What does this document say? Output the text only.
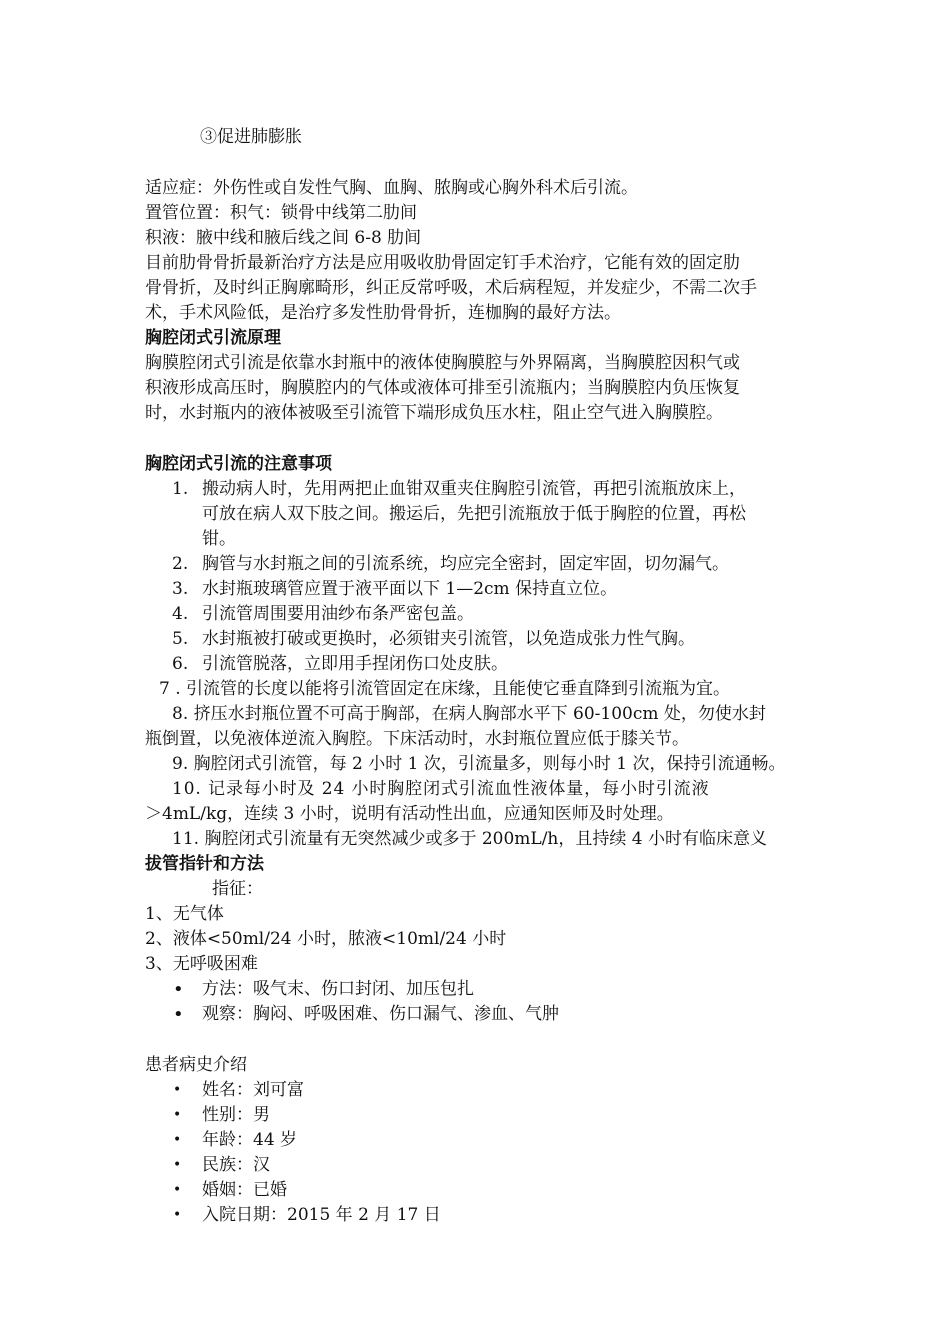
③促进肺膨胀
适应症：外伤性或自发性气胸、血胸、脓胸或心胸外科术后引流。
置管位置：积气：锁骨中线第二肋间
积液：腋中线和腋后线之间 6-8 肋间
目前肋骨骨折最新治疗方法是应用吸收肋骨固定钉手术治疗，它能有效的固定肋
骨骨折，及时纠正胸廓畸形，纠正反常呼吸，术后病程短，并发症少，不需二次手
术，手术风险低，是治疗多发性肋骨骨折，连枷胸的最好方法。
胸腔闭式引流原理
胸膜腔闭式引流是依靠水封瓶中的液体使胸膜腔与外界隔离，当胸膜腔因积气或
积液形成高压时，胸膜腔内的气体或液体可排至引流瓶内；当胸膜腔内负压恢复
时，水封瓶内的液体被吸至引流管下端形成负压水柱，阻止空气进入胸膜腔。
胸腔闭式引流的注意事项
1. 搬动病人时，先用两把止血钳双重夹住胸腔引流管，再把引流瓶放床上，
可放在病人双下肢之间。搬运后，先把引流瓶放于低于胸腔的位置，再松
钳。
2. 胸管与水封瓶之间的引流系统，均应完全密封，固定牢固，切勿漏气。
3. 水封瓶玻璃管应置于液平面以下 1—2cm 保持直立位。
4. 引流管周围要用油纱布条严密包盖。
5. 水封瓶被打破或更换时，必须钳夹引流管，以免造成张力性气胸。
6. 引流管脱落，立即用手捏闭伤口处皮肤。
7 . 引流管的长度以能将引流管固定在床缘，且能使它垂直降到引流瓶为宜。
8. 挤压水封瓶位置不可高于胸部，在病人胸部水平下 60-100cm 处，勿使水封
瓶倒置，以免液体逆流入胸腔。下床活动时，水封瓶位置应低于膝关节。
9. 胸腔闭式引流管，每 2 小时 1 次，引流量多，则每小时 1 次，保持引流通畅。
10. 记录每小时及 24 小时胸腔闭式引流血性液体量，每小时引流液
＞4mL/kg，连续 3 小时，说明有活动性出血，应通知医师及时处理。
11. 胸腔闭式引流量有无突然减少或多于 200mL/h，且持续 4 小时有临床意义
拔管指针和方法
指征：
1、无气体
2、液体<50ml/24 小时，脓液<10ml/24 小时
3、无呼吸困难
• 方法：吸气末、伤口封闭、加压包扎
• 观察：胸闷、呼吸困难、伤口漏气、渗血、气肿
患者病史介绍
• 姓名：刘可富
• 性别：男
• 年龄：44 岁
• 民族：汉
• 婚姻：已婚
• 入院日期：2015 年 2 月 17 日
